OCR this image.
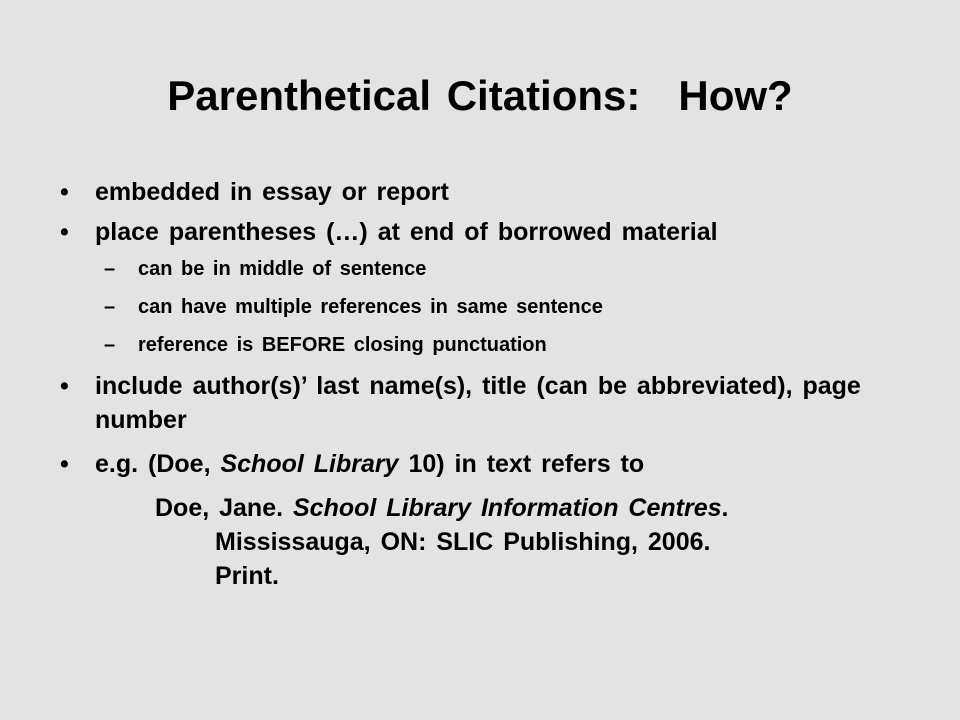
Parenthetical Citations: How?
• embedded in essay or report
• place parentheses (…) at end of borrowed material
– can be in middle of sentence
– can have multiple references in same sentence
– reference is BEFORE closing punctuation
• include author(s)’ last name(s), title (can be abbreviated), page number
• e.g. (Doe, School Library 10) in text refers to
Doe, Jane. School Library Information Centres.
Mississauga, ON: SLIC Publishing, 2006.
Print.
